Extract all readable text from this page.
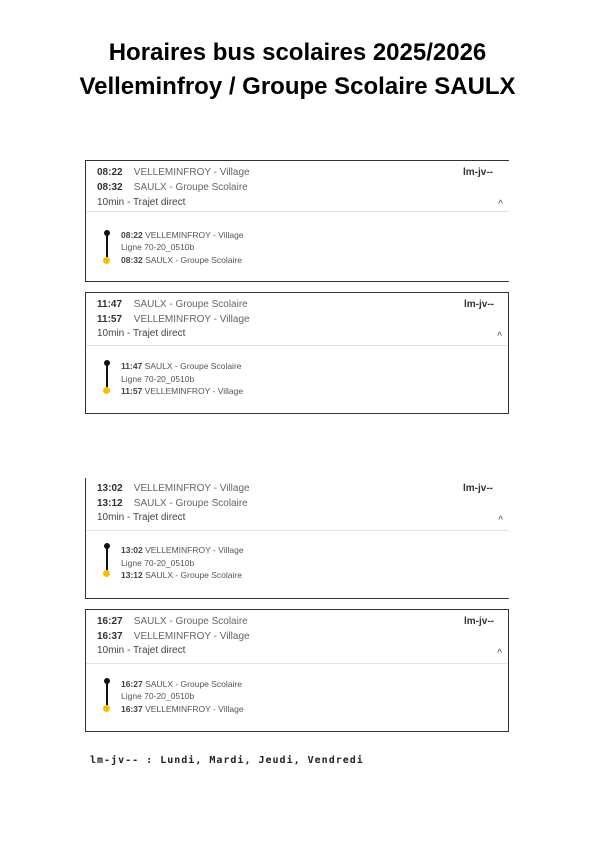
Horaires bus scolaires 2025/2026
Velleminfroy / Groupe Scolaire SAULX
08:22 VELLEMINFROY - Village
08:32 SAULX - Groupe Scolaire
lm-jv--
10min - Trajet direct	^
08:22 VELLEMINFROY - Village
Ligne 70-20_0510b
08:32 SAULX - Groupe Scolaire
11:47 SAULX - Groupe Scolaire
11:57 VELLEMINFROY - Village
lm-jv--
10min - Trajet direct	^
11:47 SAULX - Groupe Scolaire
Ligne 70-20_0510b
11:57 VELLEMINFROY - Village
13:02 VELLEMINFROY - Village
13:12 SAULX - Groupe Scolaire
lm-jv--
10min - Trajet direct	^
13:02 VELLEMINFROY - Village
Ligne 70-20_0510b
13:12 SAULX - Groupe Scolaire
16:27 SAULX - Groupe Scolaire
16:37 VELLEMINFROY - Village
lm-jv--
10min - Trajet direct	^
16:27 SAULX - Groupe Scolaire
Ligne 70-20_0510b
16:37 VELLEMINFROY - Village
lm-jv-- : Lundi, Mardi, Jeudi, Vendredi
